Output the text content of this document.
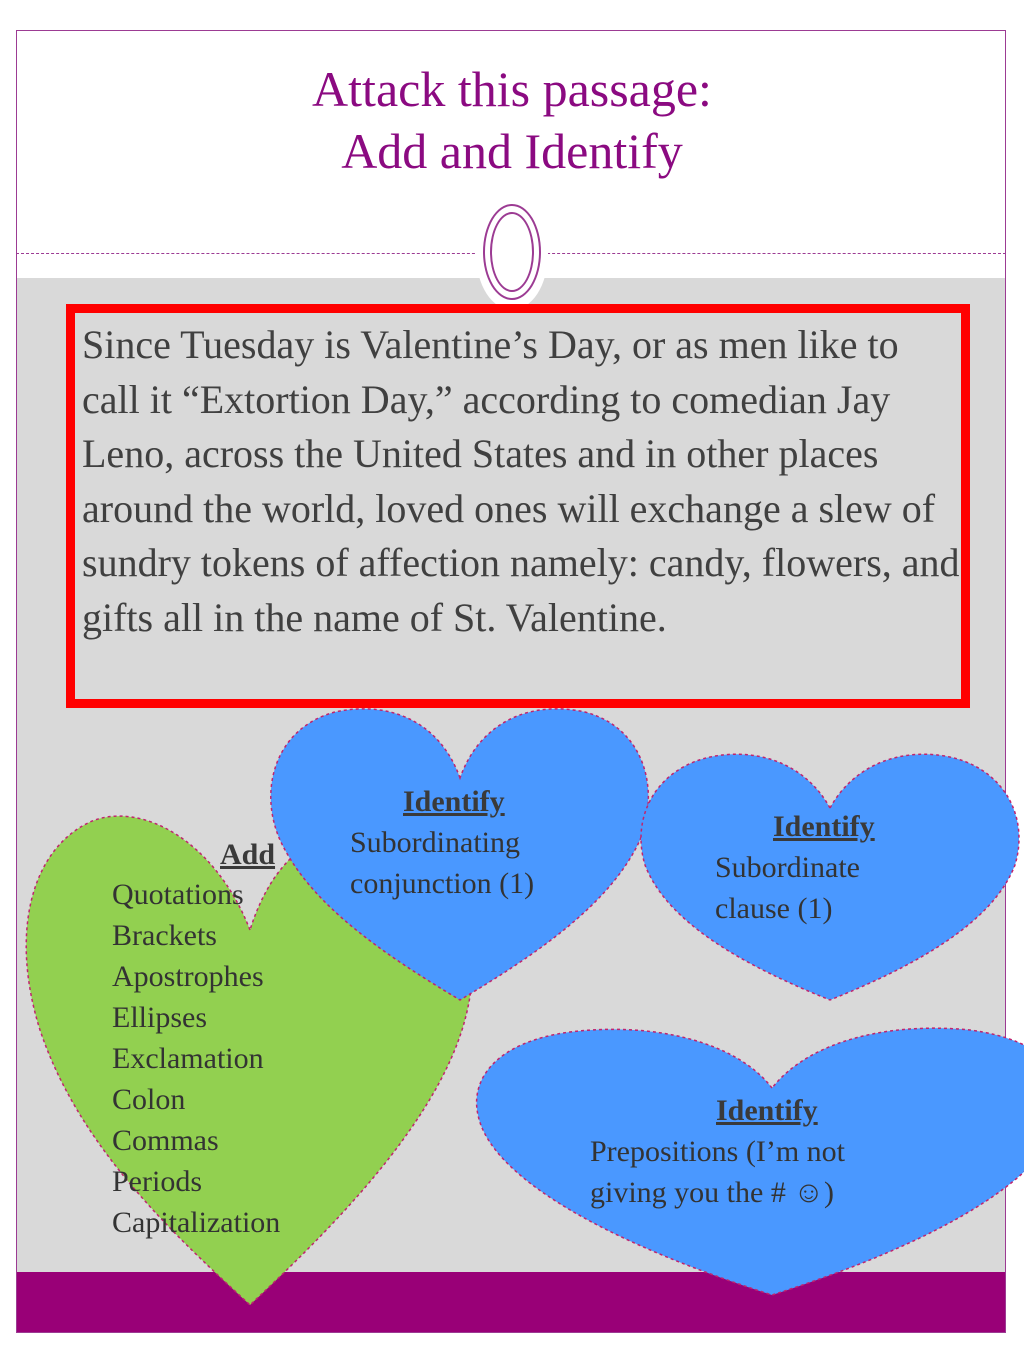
Attack this passage:
Add and Identify
Since Tuesday is Valentine’s Day, or as men like to call it “Extortion Day,” according to comedian Jay Leno, across the United States and in other places around the world, loved ones will exchange a slew of sundry tokens of affection namely: candy, flowers, and gifts all in the name of St. Valentine.
Add
Quotations
Brackets
Apostrophes
Ellipses
Exclamation
Colon
Commas
Periods
Capitalization
Identify
Subordinating
conjunction (1)
Identify
Subordinate
clause (1)
Identify
Prepositions (I’m not
giving you the # ☺)
